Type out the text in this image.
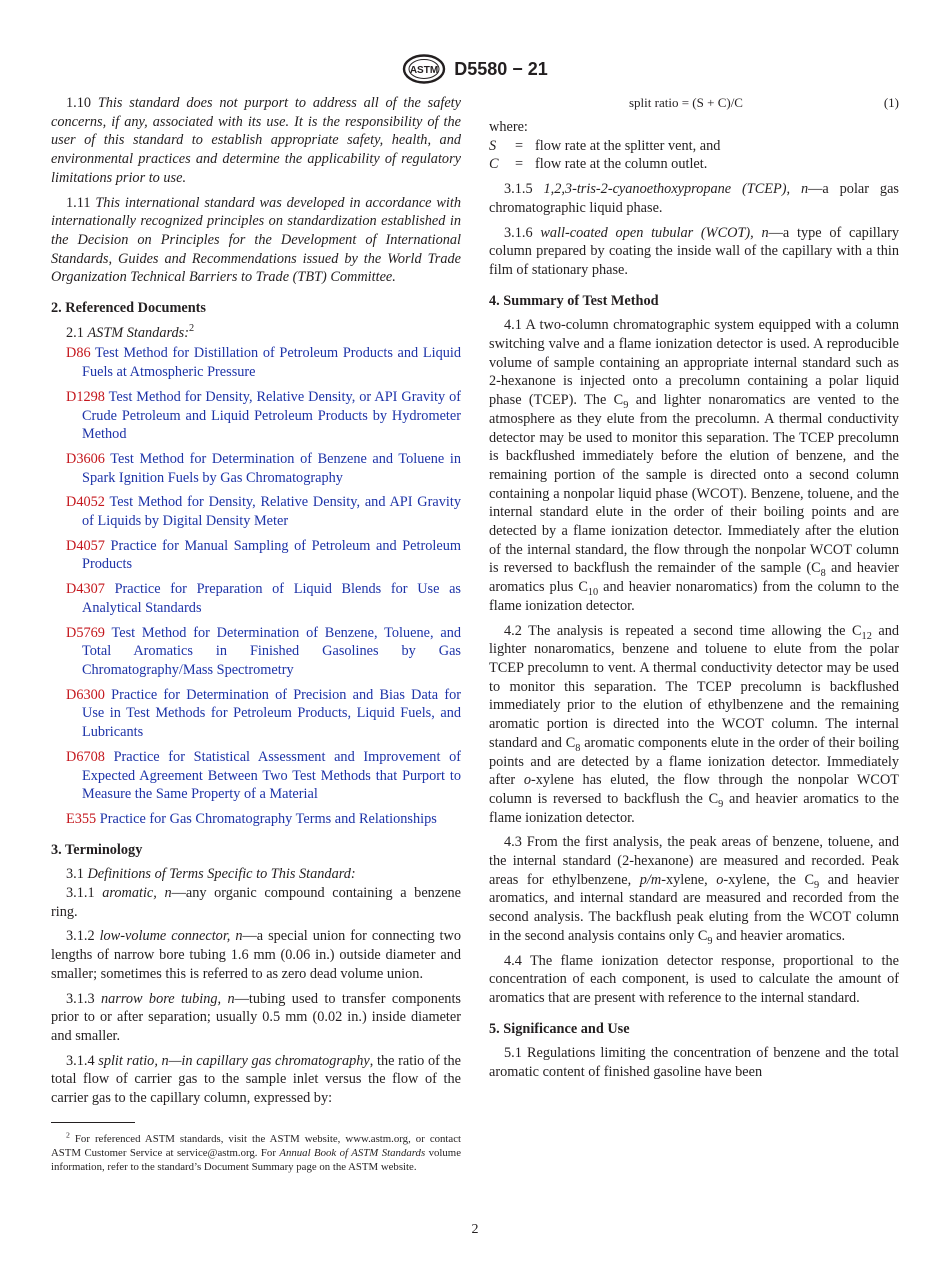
ASTM D5580 − 21

1.10 This standard does not purport to address all of the safety concerns, if any, associated with its use. It is the responsibility of the user of this standard to establish appropriate safety, health, and environmental practices and determine the applicability of regulatory limitations prior to use.

1.11 This international standard was developed in accordance with internationally recognized principles on standardization established in the Decision on Principles for the Development of International Standards, Guides and Recommendations issued by the World Trade Organization Technical Barriers to Trade (TBT) Committee.

2. Referenced Documents

2.1 ASTM Standards:$^2$

D86 Test Method for Distillation of Petroleum Products and Liquid Fuels at Atmospheric Pressure

D1298 Test Method for Density, Relative Density, or API Gravity of Crude Petroleum and Liquid Petroleum Products by Hydrometer Method

D3606 Test Method for Determination of Benzene and Toluene in Spark Ignition Fuels by Gas Chromatography

D4052 Test Method for Density, Relative Density, and API Gravity of Liquids by Digital Density Meter

D4057 Practice for Manual Sampling of Petroleum and Petroleum Products

D4307 Practice for Preparation of Liquid Blends for Use as Analytical Standards

D5769 Test Method for Determination of Benzene, Toluene, and Total Aromatics in Finished Gasolines by Gas Chromatography/Mass Spectrometry

D6300 Practice for Determination of Precision and Bias Data for Use in Test Methods for Petroleum Products, Liquid Fuels, and Lubricants

D6708 Practice for Statistical Assessment and Improvement of Expected Agreement Between Two Test Methods that Purport to Measure the Same Property of a Material

E355 Practice for Gas Chromatography Terms and Relationships

3. Terminology

3.1 Definitions of Terms Specific to This Standard:

3.1.1 aromatic, n—any organic compound containing a benzene ring.

3.1.2 low-volume connector, n—a special union for connecting two lengths of narrow bore tubing 1.6 mm (0.06 in.) outside diameter and smaller; sometimes this is referred to as zero dead volume union.

3.1.3 narrow bore tubing, n—tubing used to transfer components prior to or after separation; usually 0.5 mm (0.02 in.) inside diameter and smaller.

3.1.4 split ratio, n—in capillary gas chromatography, the ratio of the total flow of carrier gas to the sample inlet versus the flow of the carrier gas to the capillary column, expressed by:

$^2$ For referenced ASTM standards, visit the ASTM website, www.astm.org, or contact ASTM Customer Service at service@astm.org. For Annual Book of ASTM Standards volume information, refer to the standard’s Document Summary page on the ASTM website.
split ratio = (S + C)/C	(1)

where:

S	= flow rate at the splitter vent, and
C	= flow rate at the column outlet.

3.1.5 1,2,3-tris-2-cyanoethoxypropane (TCEP), n—a polar gas chromatographic liquid phase.

3.1.6 wall-coated open tubular (WCOT), n—a type of capillary column prepared by coating the inside wall of the capillary with a thin film of stationary phase.

4. Summary of Test Method

4.1 A two-column chromatographic system equipped with a column switching valve and a flame ionization detector is used. A reproducible volume of sample containing an appropriate internal standard such as 2-hexanone is injected onto a precolumn containing a polar liquid phase (TCEP). The $C_9$ and lighter nonaromatics are vented to the atmosphere as they elute from the precolumn. A thermal conductivity detector may be used to monitor this separation. The TCEP precolumn is backflushed immediately before the elution of benzene, and the remaining portion of the sample is directed onto a second column containing a nonpolar liquid phase (WCOT). Benzene, toluene, and the internal standard elute in the order of their boiling points and are detected by a flame ionization detector. Immediately after the elution of the internal standard, the flow through the nonpolar WCOT column is reversed to backflush the remainder of the sample ($C_8$ and heavier aromatics plus $C_{10}$ and heavier nonaromatics) from the column to the flame ionization detector.

4.2 The analysis is repeated a second time allowing the $C_{12}$ and lighter nonaromatics, benzene and toluene to elute from the polar TCEP precolumn to vent. A thermal conductivity detector may be used to monitor this separation. The TCEP precolumn is backflushed immediately prior to the elution of ethylbenzene and the remaining aromatic portion is directed into the WCOT column. The internal standard and $C_8$ aromatic components elute in the order of their boiling points and are detected by a flame ionization detector. Immediately after o-xylene has eluted, the flow through the nonpolar WCOT column is reversed to backflush the $C_9$ and heavier aromatics to the flame ionization detector.

4.3 From the first analysis, the peak areas of benzene, toluene, and the internal standard (2-hexanone) are measured and recorded. Peak areas for ethylbenzene, p/m-xylene, o-xylene, the $C_9$ and heavier aromatics, and internal standard are measured and recorded from the second analysis. The backflush peak eluting from the WCOT column in the second analysis contains only $C_9$ and heavier aromatics.

4.4 The flame ionization detector response, proportional to the concentration of each component, is used to calculate the amount of aromatics that are present with reference to the internal standard.

5. Significance and Use

5.1 Regulations limiting the concentration of benzene and the total aromatic content of finished gasoline have been

2
